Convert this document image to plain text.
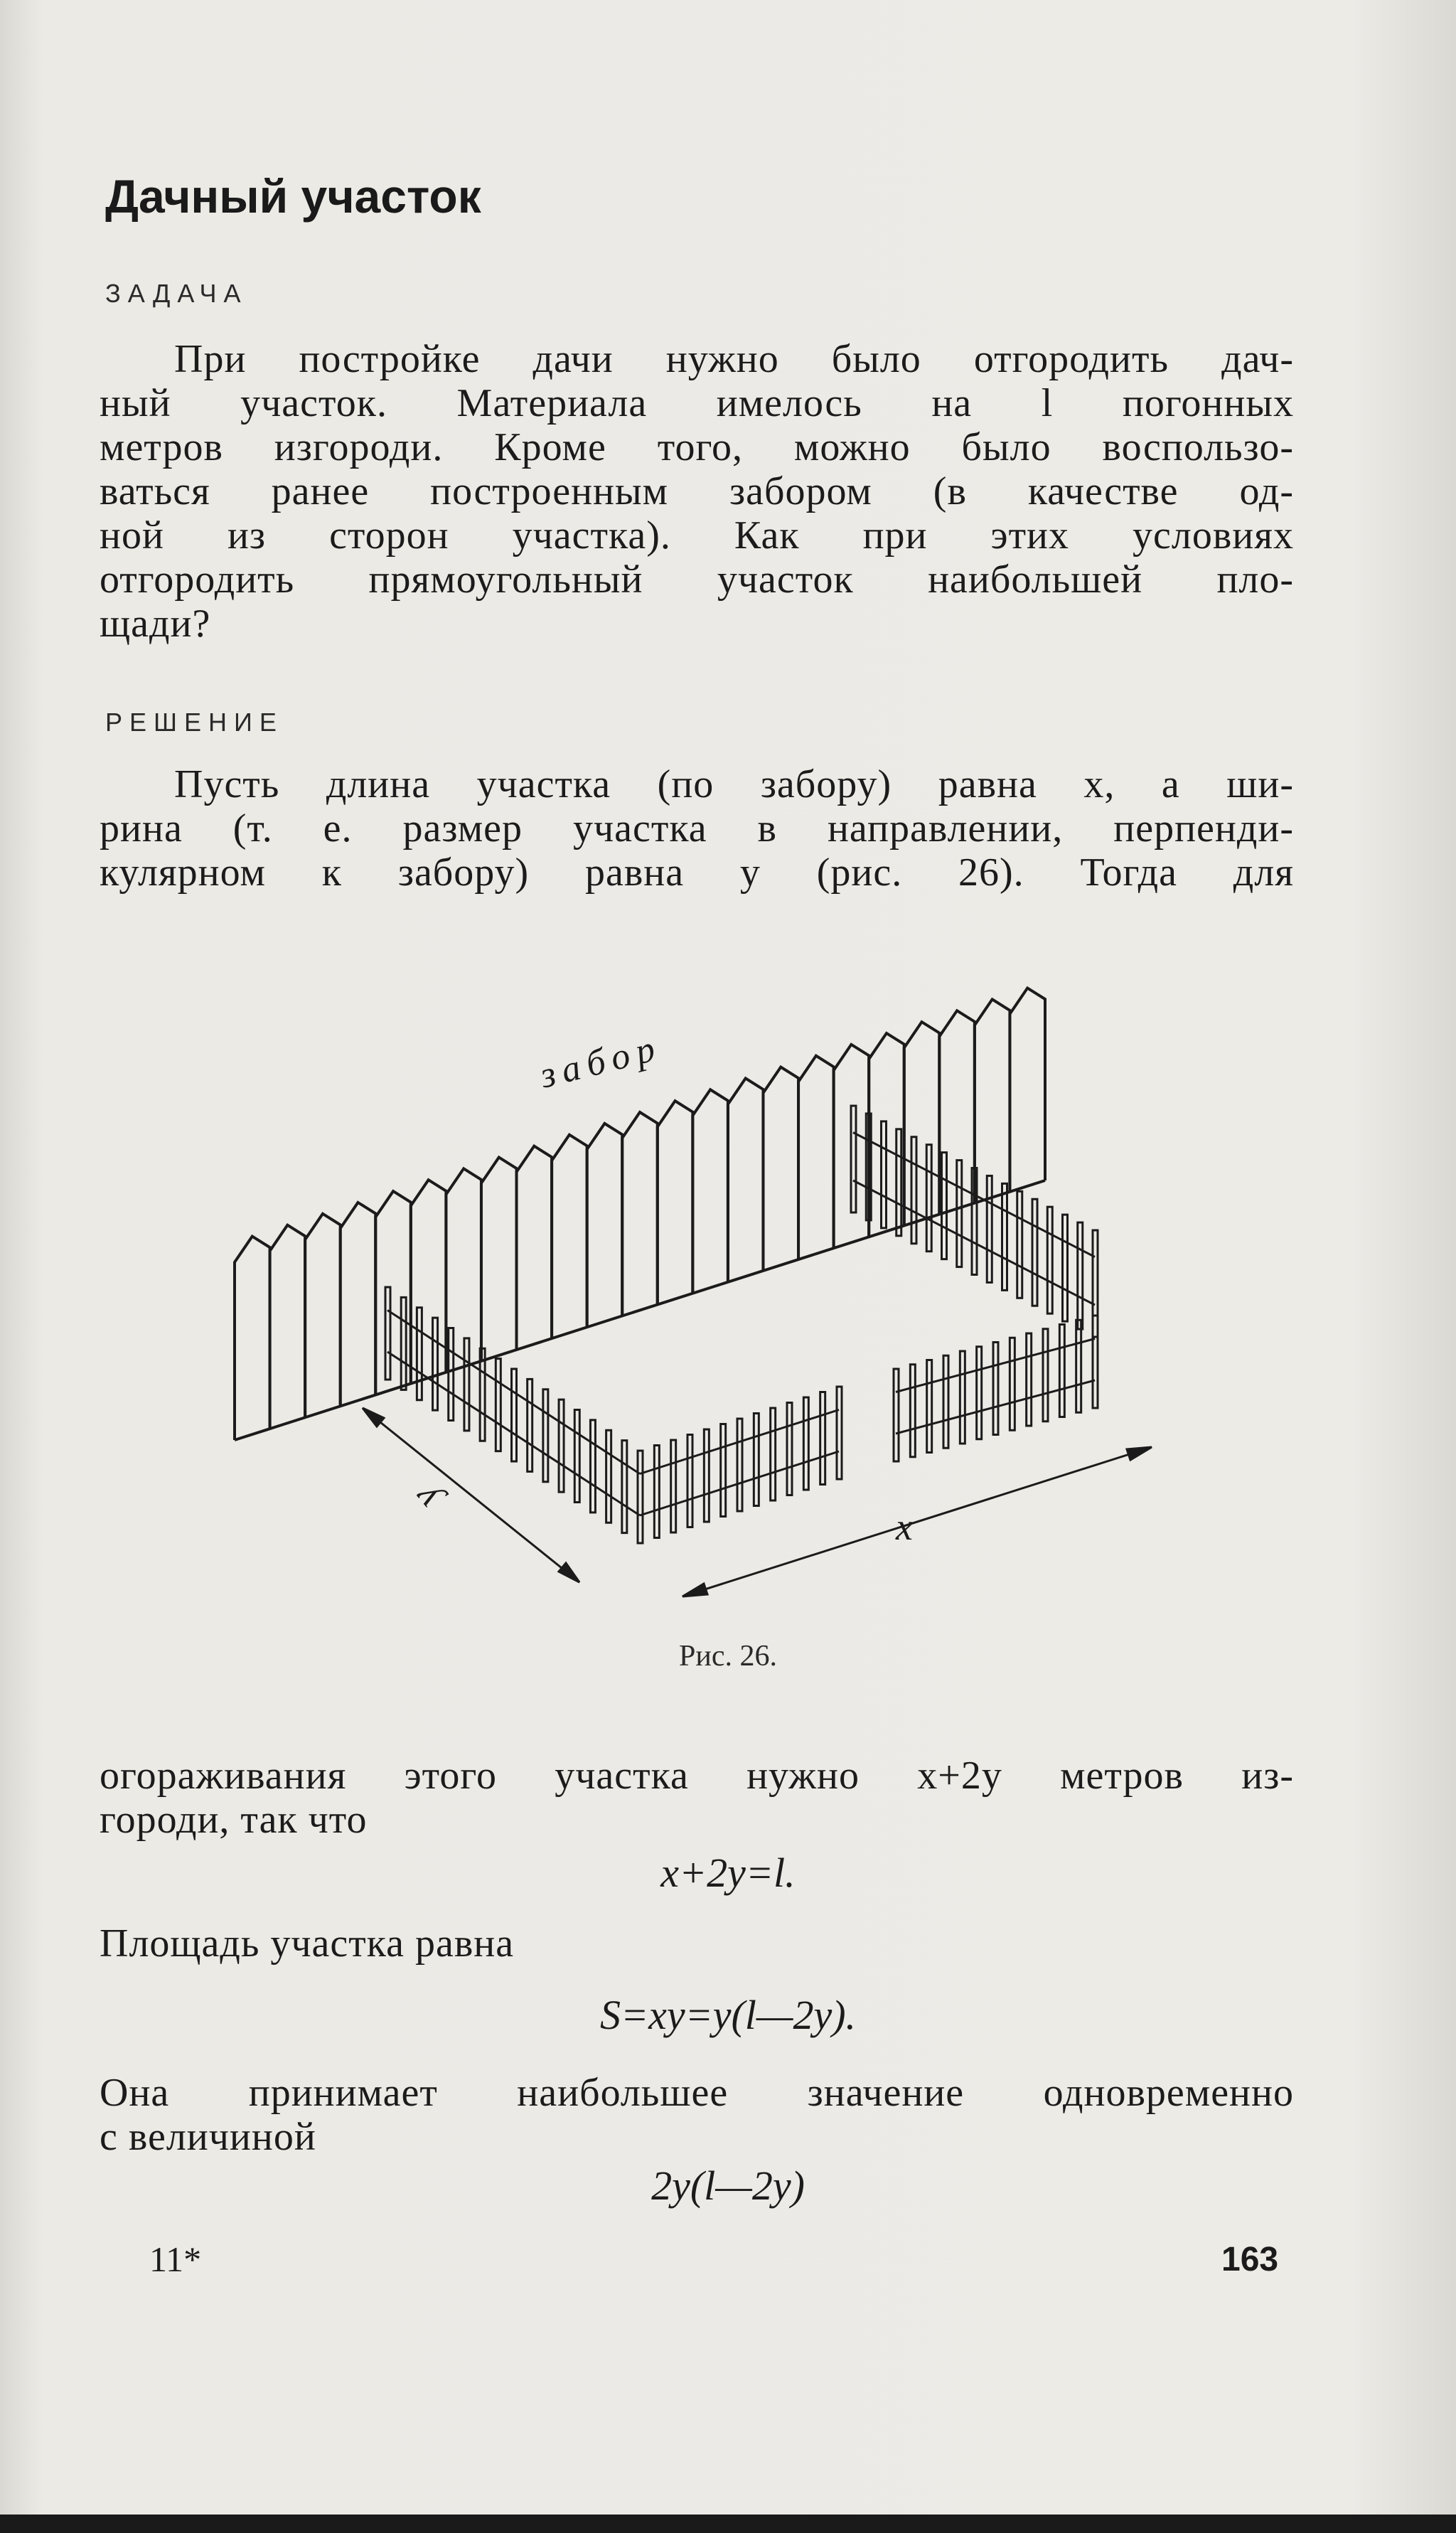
Дачный участок
ЗАДАЧА
При постройке дачи нужно было отгородить дач-
ный участок. Материала имелось на l погонных
метров изгороди. Кроме того, можно было воспользо-
ваться ранее построенным забором (в качестве од-
ной из сторон участка). Как при этих условиях
отгородить прямоугольный участок наибольшей пло-
щади?
РЕШЕНИЕ
Пусть длина участка (по забору) равна x, а ши-
рина (т. е. размер участка в направлении, перпенди-
кулярном к забору) равна y (рис. 26). Тогда для
забор
y
x
Рис. 26.
огораживания этого участка нужно x+2y метров из-
городи, так что
x+2y=l.
Площадь участка равна
S=xy=y(l—2y).
Она принимает наибольшее значение одновременно
с величиной
2y(l—2y)
11*	163
